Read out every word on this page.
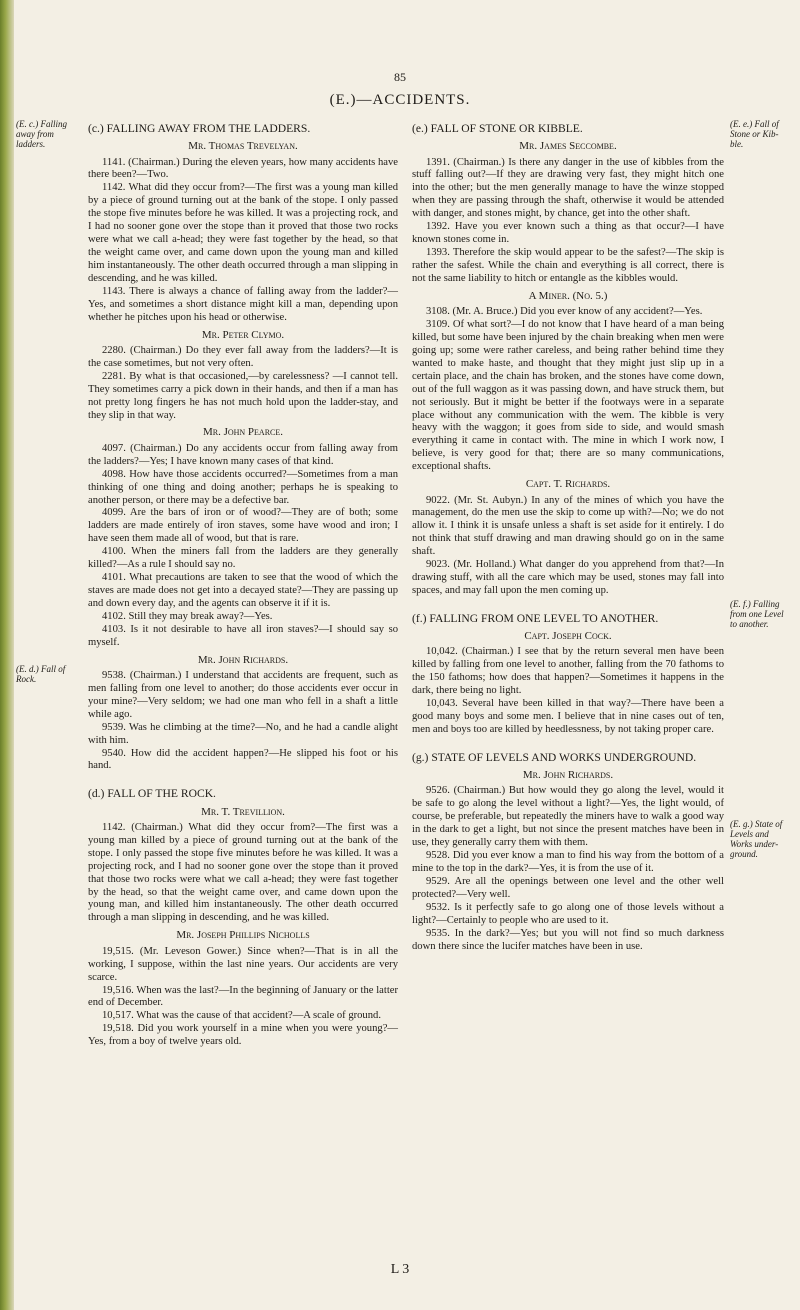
85
(E.)—ACCIDENTS.
(E. c.) Falling
away from
ladders.
(E. d.) Fall of
Rock.
(E. e.) Fall of
Stone or Kib-
ble.
(E. f.) Falling
from one Level
to another.
(E. g.) State of
Levels and
Works under-
ground.
(c.) FALLING AWAY FROM THE LADDERS.
Mr. Thomas Trevelyan.
1141. (Chairman.) During the eleven years, how many accidents have there been?—Two.
1142. What did they occur from?—The first was a young man killed by a piece of ground turning out at the bank of the stope. I only passed the stope five minutes before he was killed. It was a projecting rock, and I had no sooner gone over the stope than it proved that those two rocks were what we call a-head; they were fast together by the head, so that the weight came over, and came down upon the young man and killed him instantaneously. The other death occurred through a man slipping in descending, and he was killed.
1143. There is always a chance of falling away from the ladder?—Yes, and sometimes a short distance might kill a man, depending upon whether he pitches upon his head or otherwise.
Mr. Peter Clymo.
2280. (Chairman.) Do they ever fall away from the ladders?—It is the case sometimes, but not very often.
2281. By what is that occasioned,—by carelessness? —I cannot tell. They sometimes carry a pick down in their hands, and then if a man has not pretty long fingers he has not much hold upon the ladder-stay, and they slip in that way.
Mr. John Pearce.
4097. (Chairman.) Do any accidents occur from falling away from the ladders?—Yes; I have known many cases of that kind.
4098. How have those accidents occurred?—Sometimes from a man thinking of one thing and doing another; perhaps he is speaking to another person, or there may be a defective bar.
4099. Are the bars of iron or of wood?—They are of both; some ladders are made entirely of iron staves, some have wood and iron; I have seen them made all of wood, but that is rare.
4100. When the miners fall from the ladders are they generally killed?—As a rule I should say no.
4101. What precautions are taken to see that the wood of which the staves are made does not get into a decayed state?—They are passing up and down every day, and the agents can observe it if it is.
4102. Still they may break away?—Yes.
4103. Is it not desirable to have all iron staves?—I should say so myself.
Mr. John Richards.
9538. (Chairman.) I understand that accidents are frequent, such as men falling from one level to another; do those accidents ever occur in your mine?—Very seldom; we had one man who fell in a shaft a little while ago.
9539. Was he climbing at the time?—No, and he had a candle alight with him.
9540. How did the accident happen?—He slipped his foot or his hand.
(d.) FALL OF THE ROCK.
Mr. T. Trevillion.
1142. (Chairman.) What did they occur from?—The first was a young man killed by a piece of ground turning out at the bank of the stope. I only passed the stope five minutes before he was killed. It was a projecting rock, and I had no sooner gone over the stope than it proved that those two rocks were what we call a-head; they were fast together by the head, so that the weight came over, and came down upon the young man, and killed him instantaneously. The other death occurred through a man slipping in descending, and he was killed.
Mr. Joseph Phillips Nicholls
19,515. (Mr. Leveson Gower.) Since when?—That is in all the working, I suppose, within the last nine years. Our accidents are very scarce.
19,516. When was the last?—In the beginning of January or the latter end of December.
10,517. What was the cause of that accident?—A scale of ground.
19,518. Did you work yourself in a mine when you were young?—Yes, from a boy of twelve years old.
(e.) FALL OF STONE OR KIBBLE.
Mr. James Seccombe.
1391. (Chairman.) Is there any danger in the use of kibbles from the stuff falling out?—If they are drawing very fast, they might hitch one into the other; but the men generally manage to have the winze stopped when they are passing through the shaft, otherwise it would be attended with danger, and stones might, by chance, get into the other shaft.
1392. Have you ever known such a thing as that occur?—I have known stones come in.
1393. Therefore the skip would appear to be the safest?—The skip is rather the safest. While the chain and everything is all correct, there is not the same liability to hitch or entangle as the kibbles would.
A Miner. (No. 5.)
3108. (Mr. A. Bruce.) Did you ever know of any accident?—Yes.
3109. Of what sort?—I do not know that I have heard of a man being killed, but some have been injured by the chain breaking when men were going up; some were rather careless, and being rather behind time they wanted to make haste, and thought that they might just slip up in a certain place, and the chain has broken, and the stones have come down, out of the full waggon as it was passing down, and have struck them, but not seriously. But it might be better if the footways were in a separate place without any communication with the wem. The kibble is very heavy with the waggon; it goes from side to side, and would smash everything it came in contact with. The mine in which I work now, I believe, is very good for that; there are so many communications, exceptional shafts.
Capt. T. Richards.
9022. (Mr. St. Aubyn.) In any of the mines of which you have the management, do the men use the skip to come up with?—No; we do not allow it. I think it is unsafe unless a shaft is set aside for it entirely. I do not think that stuff drawing and man drawing should go on in the same shaft.
9023. (Mr. Holland.) What danger do you apprehend from that?—In drawing stuff, with all the care which may be used, stones may fall into spaces, and may fall upon the men coming up.
(f.) FALLING FROM ONE LEVEL TO ANOTHER.
Capt. Joseph Cock.
10,042. (Chairman.) I see that by the return several men have been killed by falling from one level to another, falling from the 70 fathoms to the 150 fathoms; how does that happen?—Sometimes it happens in the dark, there being no light.
10,043. Several have been killed in that way?—There have been a good many boys and some men. I believe that in nine cases out of ten, men and boys too are killed by heedlessness, by not taking proper care.
(g.) STATE OF LEVELS AND WORKS UNDERGROUND.
Mr. John Richards.
9526. (Chairman.) But how would they go along the level, would it be safe to go along the level without a light?—Yes, the light would, of course, be preferable, but repeatedly the miners have to walk a good way in the dark to get a light, but not since the present matches have been in use, they generally carry them with them.
9528. Did you ever know a man to find his way from the bottom of a mine to the top in the dark?—Yes, it is from the use of it.
9529. Are all the openings between one level and the other well protected?—Very well.
9532. Is it perfectly safe to go along one of those levels without a light?—Certainly to people who are used to it.
9535. In the dark?—Yes; but you will not find so much darkness down there since the lucifer matches have been in use.
L 3
